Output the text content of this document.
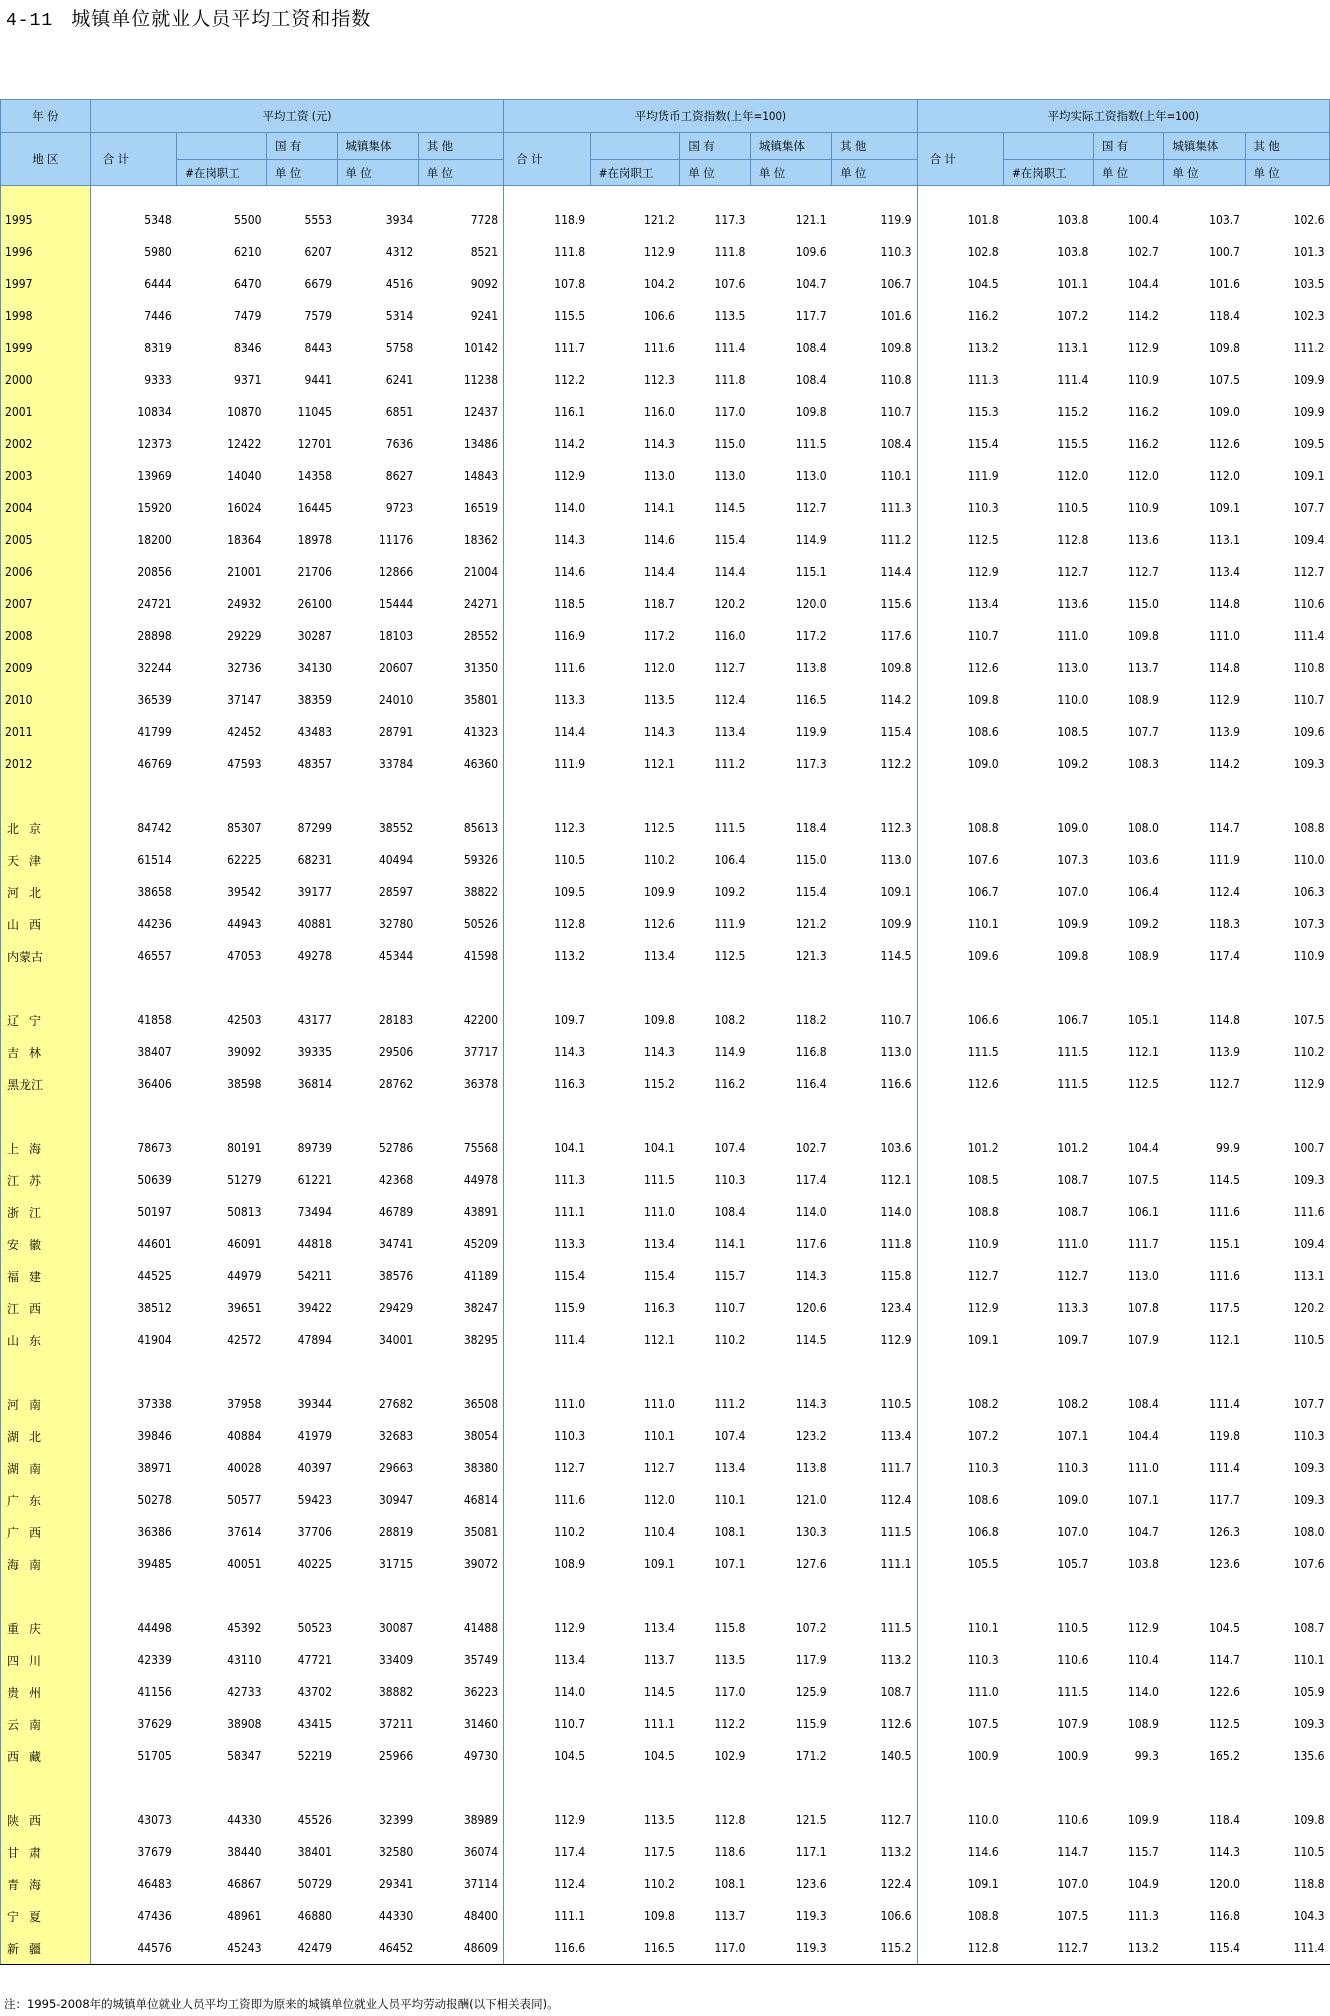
4-11 城镇单位就业人员平均工资和指数
年 份	平均工资 (元)					平均货币工资指数(上年=100)					平均实际工资指数(上年=100)				
地 区	合 计		国 有	城镇集体	其 他	合 计		国 有	城镇集体	其 他	合 计		国 有	城镇集体	其 他
		#在岗职工	单 位	单 位	单 位		#在岗职工	单 位	单 位	单 位		#在岗职工	单 位	单 位	单 位
1995	5348	5500	5553	3934	7728	118.9	121.2	117.3	121.1	119.9	101.8	103.8	100.4	103.7	102.6
1996	5980	6210	6207	4312	8521	111.8	112.9	111.8	109.6	110.3	102.8	103.8	102.7	100.7	101.3
1997	6444	6470	6679	4516	9092	107.8	104.2	107.6	104.7	106.7	104.5	101.1	104.4	101.6	103.5
1998	7446	7479	7579	5314	9241	115.5	106.6	113.5	117.7	101.6	116.2	107.2	114.2	118.4	102.3
1999	8319	8346	8443	5758	10142	111.7	111.6	111.4	108.4	109.8	113.2	113.1	112.9	109.8	111.2
2000	9333	9371	9441	6241	11238	112.2	112.3	111.8	108.4	110.8	111.3	111.4	110.9	107.5	109.9
2001	10834	10870	11045	6851	12437	116.1	116.0	117.0	109.8	110.7	115.3	115.2	116.2	109.0	109.9
2002	12373	12422	12701	7636	13486	114.2	114.3	115.0	111.5	108.4	115.4	115.5	116.2	112.6	109.5
2003	13969	14040	14358	8627	14843	112.9	113.0	113.0	113.0	110.1	111.9	112.0	112.0	112.0	109.1
2004	15920	16024	16445	9723	16519	114.0	114.1	114.5	112.7	111.3	110.3	110.5	110.9	109.1	107.7
2005	18200	18364	18978	11176	18362	114.3	114.6	115.4	114.9	111.2	112.5	112.8	113.6	113.1	109.4
2006	20856	21001	21706	12866	21004	114.6	114.4	114.4	115.1	114.4	112.9	112.7	112.7	113.4	112.7
2007	24721	24932	26100	15444	24271	118.5	118.7	120.2	120.0	115.6	113.4	113.6	115.0	114.8	110.6
2008	28898	29229	30287	18103	28552	116.9	117.2	116.0	117.2	117.6	110.7	111.0	109.8	111.0	111.4
2009	32244	32736	34130	20607	31350	111.6	112.0	112.7	113.8	109.8	112.6	113.0	113.7	114.8	110.8
2010	36539	37147	38359	24010	35801	113.3	113.5	112.4	116.5	114.2	109.8	110.0	108.9	112.9	110.7
2011	41799	42452	43483	28791	41323	114.4	114.3	113.4	119.9	115.4	108.6	108.5	107.7	113.9	109.6
2012	46769	47593	48357	33784	46360	111.9	112.1	111.2	117.3	112.2	109.0	109.2	108.3	114.2	109.3

北京	84742	85307	87299	38552	85613	112.3	112.5	111.5	118.4	112.3	108.8	109.0	108.0	114.7	108.8
天津	61514	62225	68231	40494	59326	110.5	110.2	106.4	115.0	113.0	107.6	107.3	103.6	111.9	110.0
河北	38658	39542	39177	28597	38822	109.5	109.9	109.2	115.4	109.1	106.7	107.0	106.4	112.4	106.3
山西	44236	44943	40881	32780	50526	112.8	112.6	111.9	121.2	109.9	110.1	109.9	109.2	118.3	107.3
内蒙古	46557	47053	49278	45344	41598	113.2	113.4	112.5	121.3	114.5	109.6	109.8	108.9	117.4	110.9

辽宁	41858	42503	43177	28183	42200	109.7	109.8	108.2	118.2	110.7	106.6	106.7	105.1	114.8	107.5
吉林	38407	39092	39335	29506	37717	114.3	114.3	114.9	116.8	113.0	111.5	111.5	112.1	113.9	110.2
黑龙江	36406	38598	36814	28762	36378	116.3	115.2	116.2	116.4	116.6	112.6	111.5	112.5	112.7	112.9

上海	78673	80191	89739	52786	75568	104.1	104.1	107.4	102.7	103.6	101.2	101.2	104.4	99.9	100.7
江苏	50639	51279	61221	42368	44978	111.3	111.5	110.3	117.4	112.1	108.5	108.7	107.5	114.5	109.3
浙江	50197	50813	73494	46789	43891	111.1	111.0	108.4	114.0	114.0	108.8	108.7	106.1	111.6	111.6
安徽	44601	46091	44818	34741	45209	113.3	113.4	114.1	117.6	111.8	110.9	111.0	111.7	115.1	109.4
福建	44525	44979	54211	38576	41189	115.4	115.4	115.7	114.3	115.8	112.7	112.7	113.0	111.6	113.1
江西	38512	39651	39422	29429	38247	115.9	116.3	110.7	120.6	123.4	112.9	113.3	107.8	117.5	120.2
山东	41904	42572	47894	34001	38295	111.4	112.1	110.2	114.5	112.9	109.1	109.7	107.9	112.1	110.5

河南	37338	37958	39344	27682	36508	111.0	111.0	111.2	114.3	110.5	108.2	108.2	108.4	111.4	107.7
湖北	39846	40884	41979	32683	38054	110.3	110.1	107.4	123.2	113.4	107.2	107.1	104.4	119.8	110.3
湖南	38971	40028	40397	29663	38380	112.7	112.7	113.4	113.8	111.7	110.3	110.3	111.0	111.4	109.3
广东	50278	50577	59423	30947	46814	111.6	112.0	110.1	121.0	112.4	108.6	109.0	107.1	117.7	109.3
广西	36386	37614	37706	28819	35081	110.2	110.4	108.1	130.3	111.5	106.8	107.0	104.7	126.3	108.0
海南	39485	40051	40225	31715	39072	108.9	109.1	107.1	127.6	111.1	105.5	105.7	103.8	123.6	107.6

重庆	44498	45392	50523	30087	41488	112.9	113.4	115.8	107.2	111.5	110.1	110.5	112.9	104.5	108.7
四川	42339	43110	47721	33409	35749	113.4	113.7	113.5	117.9	113.2	110.3	110.6	110.4	114.7	110.1
贵州	41156	42733	43702	38882	36223	114.0	114.5	117.0	125.9	108.7	111.0	111.5	114.0	122.6	105.9
云南	37629	38908	43415	37211	31460	110.7	111.1	112.2	115.9	112.6	107.5	107.9	108.9	112.5	109.3
西藏	51705	58347	52219	25966	49730	104.5	104.5	102.9	171.2	140.5	100.9	100.9	99.3	165.2	135.6

陕西	43073	44330	45526	32399	38989	112.9	113.5	112.8	121.5	112.7	110.0	110.6	109.9	118.4	109.8
甘肃	37679	38440	38401	32580	36074	117.4	117.5	118.6	117.1	113.2	114.6	114.7	115.7	114.3	110.5
青海	46483	46867	50729	29341	37114	112.4	110.2	108.1	123.6	122.4	109.1	107.0	104.9	120.0	118.8
宁夏	47436	48961	46880	44330	48400	111.1	109.8	113.7	119.3	106.6	108.8	107.5	111.3	116.8	104.3
新疆	44576	45243	42479	46452	48609	116.6	116.5	117.0	119.3	115.2	112.8	112.7	113.2	115.4	111.4
注：1995-2008年的城镇单位就业人员平均工资即为原来的城镇单位就业人员平均劳动报酬(以下相关表同)。
